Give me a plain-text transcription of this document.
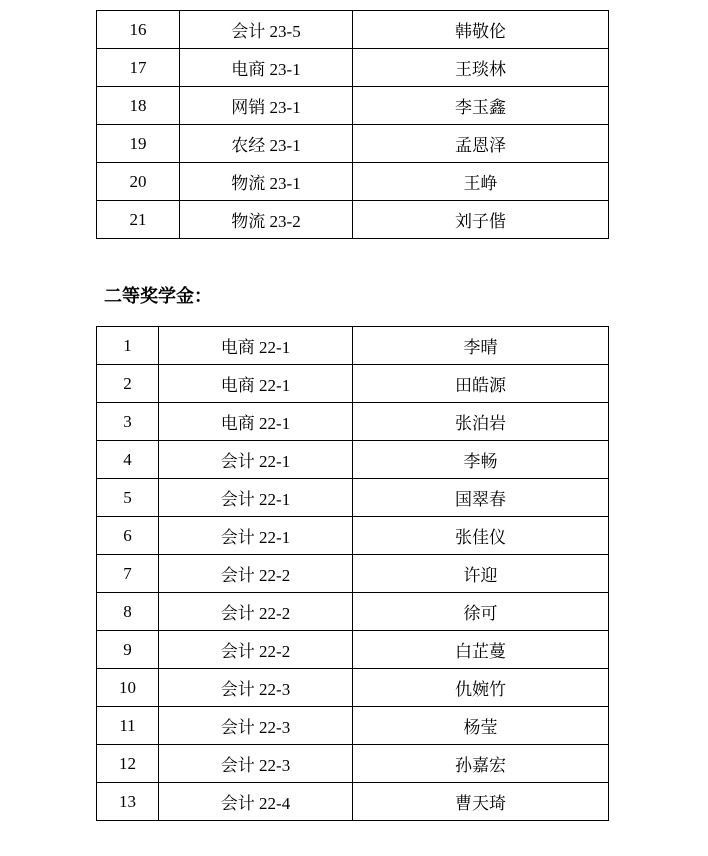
16	会计 23-5	韩敬伦
17	电商 23-1	王琰林
18	网销 23-1	李玉鑫
19	农经 23-1	孟恩泽
20	物流 23-1	王峥
21	物流 23-2	刘子偕

二等奖学金：

1	电商 22-1	李晴
2	电商 22-1	田皓源
3	电商 22-1	张泊岩
4	会计 22-1	李畅
5	会计 22-1	国翠春
6	会计 22-1	张佳仪
7	会计 22-2	许迎
8	会计 22-2	徐可
9	会计 22-2	白芷蔓
10	会计 22-3	仇婉竹
11	会计 22-3	杨莹
12	会计 22-3	孙嘉宏
13	会计 22-4	曹天琦
